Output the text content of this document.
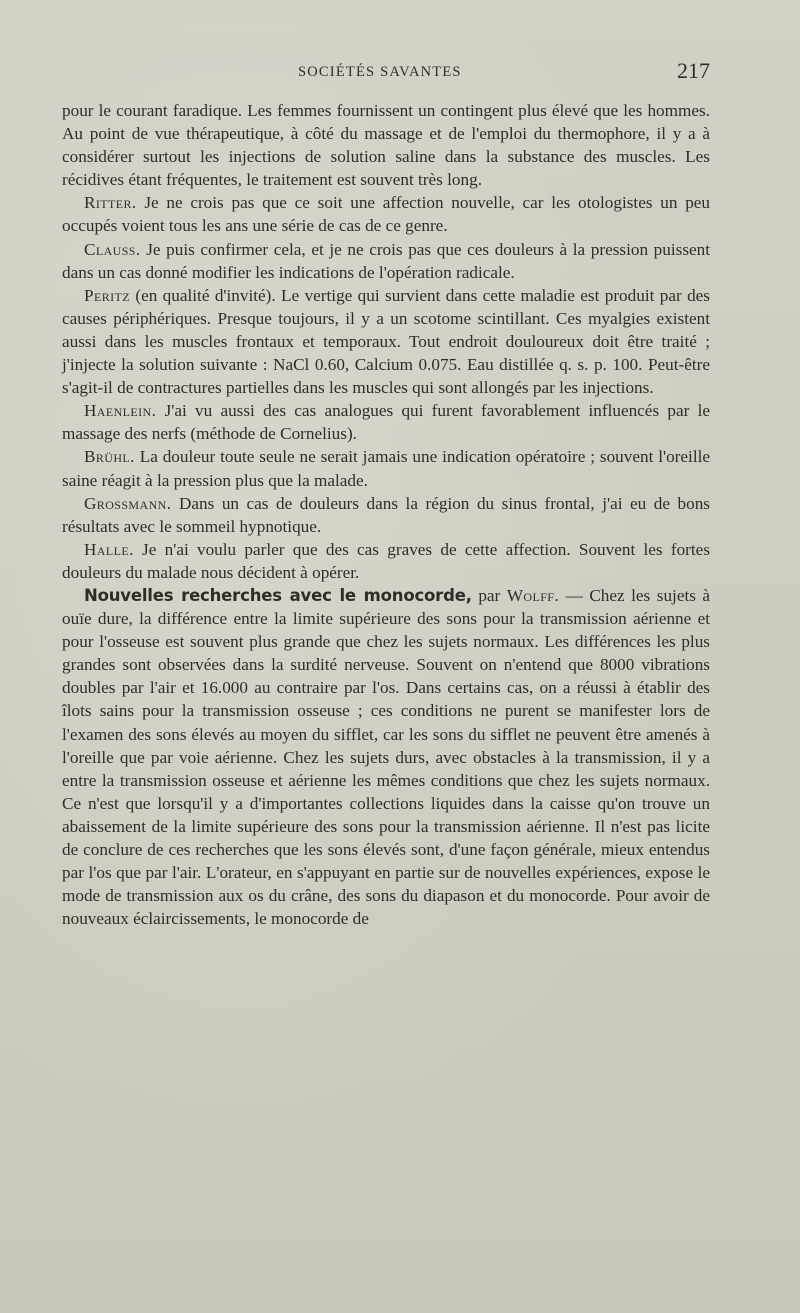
SOCIÉTÉS SAVANTES	217

pour le courant faradique. Les femmes fournissent un contingent plus élevé que les hommes. Au point de vue thérapeutique, à côté du massage et de l'emploi du thermophore, il y a à considérer surtout les injections de solution saline dans la substance des muscles. Les récidives étant fréquentes, le traitement est souvent très long.

Ritter. Je ne crois pas que ce soit une affection nouvelle, car les otologistes un peu occupés voient tous les ans une série de cas de ce genre.

Clauss. Je puis confirmer cela, et je ne crois pas que ces douleurs à la pression puissent dans un cas donné modifier les indications de l'opération radicale.

Peritz (en qualité d'invité). Le vertige qui survient dans cette maladie est produit par des causes périphériques. Presque toujours, il y a un scotome scintillant. Ces myalgies existent aussi dans les muscles frontaux et temporaux. Tout endroit douloureux doit être traité ; j'injecte la solution suivante : NaCl 0.60, Calcium 0.075. Eau distillée q. s. p. 100. Peut-être s'agit-il de contractures partielles dans les muscles qui sont allongés par les injections.

Haenlein. J'ai vu aussi des cas analogues qui furent favorablement influencés par le massage des nerfs (méthode de Cornelius).

Brühl. La douleur toute seule ne serait jamais une indication opératoire ; souvent l'oreille saine réagit à la pression plus que la malade.

Grossmann. Dans un cas de douleurs dans la région du sinus frontal, j'ai eu de bons résultats avec le sommeil hypnotique.

Halle. Je n'ai voulu parler que des cas graves de cette affection. Souvent les fortes douleurs du malade nous décident à opérer.

Nouvelles recherches avec le monocorde, par Wolff. — Chez les sujets à ouïe dure, la différence entre la limite supérieure des sons pour la transmission aérienne et pour l'osseuse est souvent plus grande que chez les sujets normaux. Les différences les plus grandes sont observées dans la surdité nerveuse. Souvent on n'entend que 8000 vibrations doubles par l'air et 16.000 au contraire par l'os. Dans certains cas, on a réussi à établir des îlots sains pour la transmission osseuse ; ces conditions ne purent se manifester lors de l'examen des sons élevés au moyen du sifflet, car les sons du sifflet ne peuvent être amenés à l'oreille que par voie aérienne. Chez les sujets durs, avec obstacles à la transmission, il y a entre la transmission osseuse et aérienne les mêmes conditions que chez les sujets normaux. Ce n'est que lorsqu'il y a d'importantes collections liquides dans la caisse qu'on trouve un abaissement de la limite supérieure des sons pour la transmission aérienne. Il n'est pas licite de conclure de ces recherches que les sons élevés sont, d'une façon générale, mieux entendus par l'os que par l'air. L'orateur, en s'appuyant en partie sur de nouvelles expériences, expose le mode de transmission aux os du crâne, des sons du diapason et du monocorde. Pour avoir de nouveaux éclaircissements, le monocorde de
